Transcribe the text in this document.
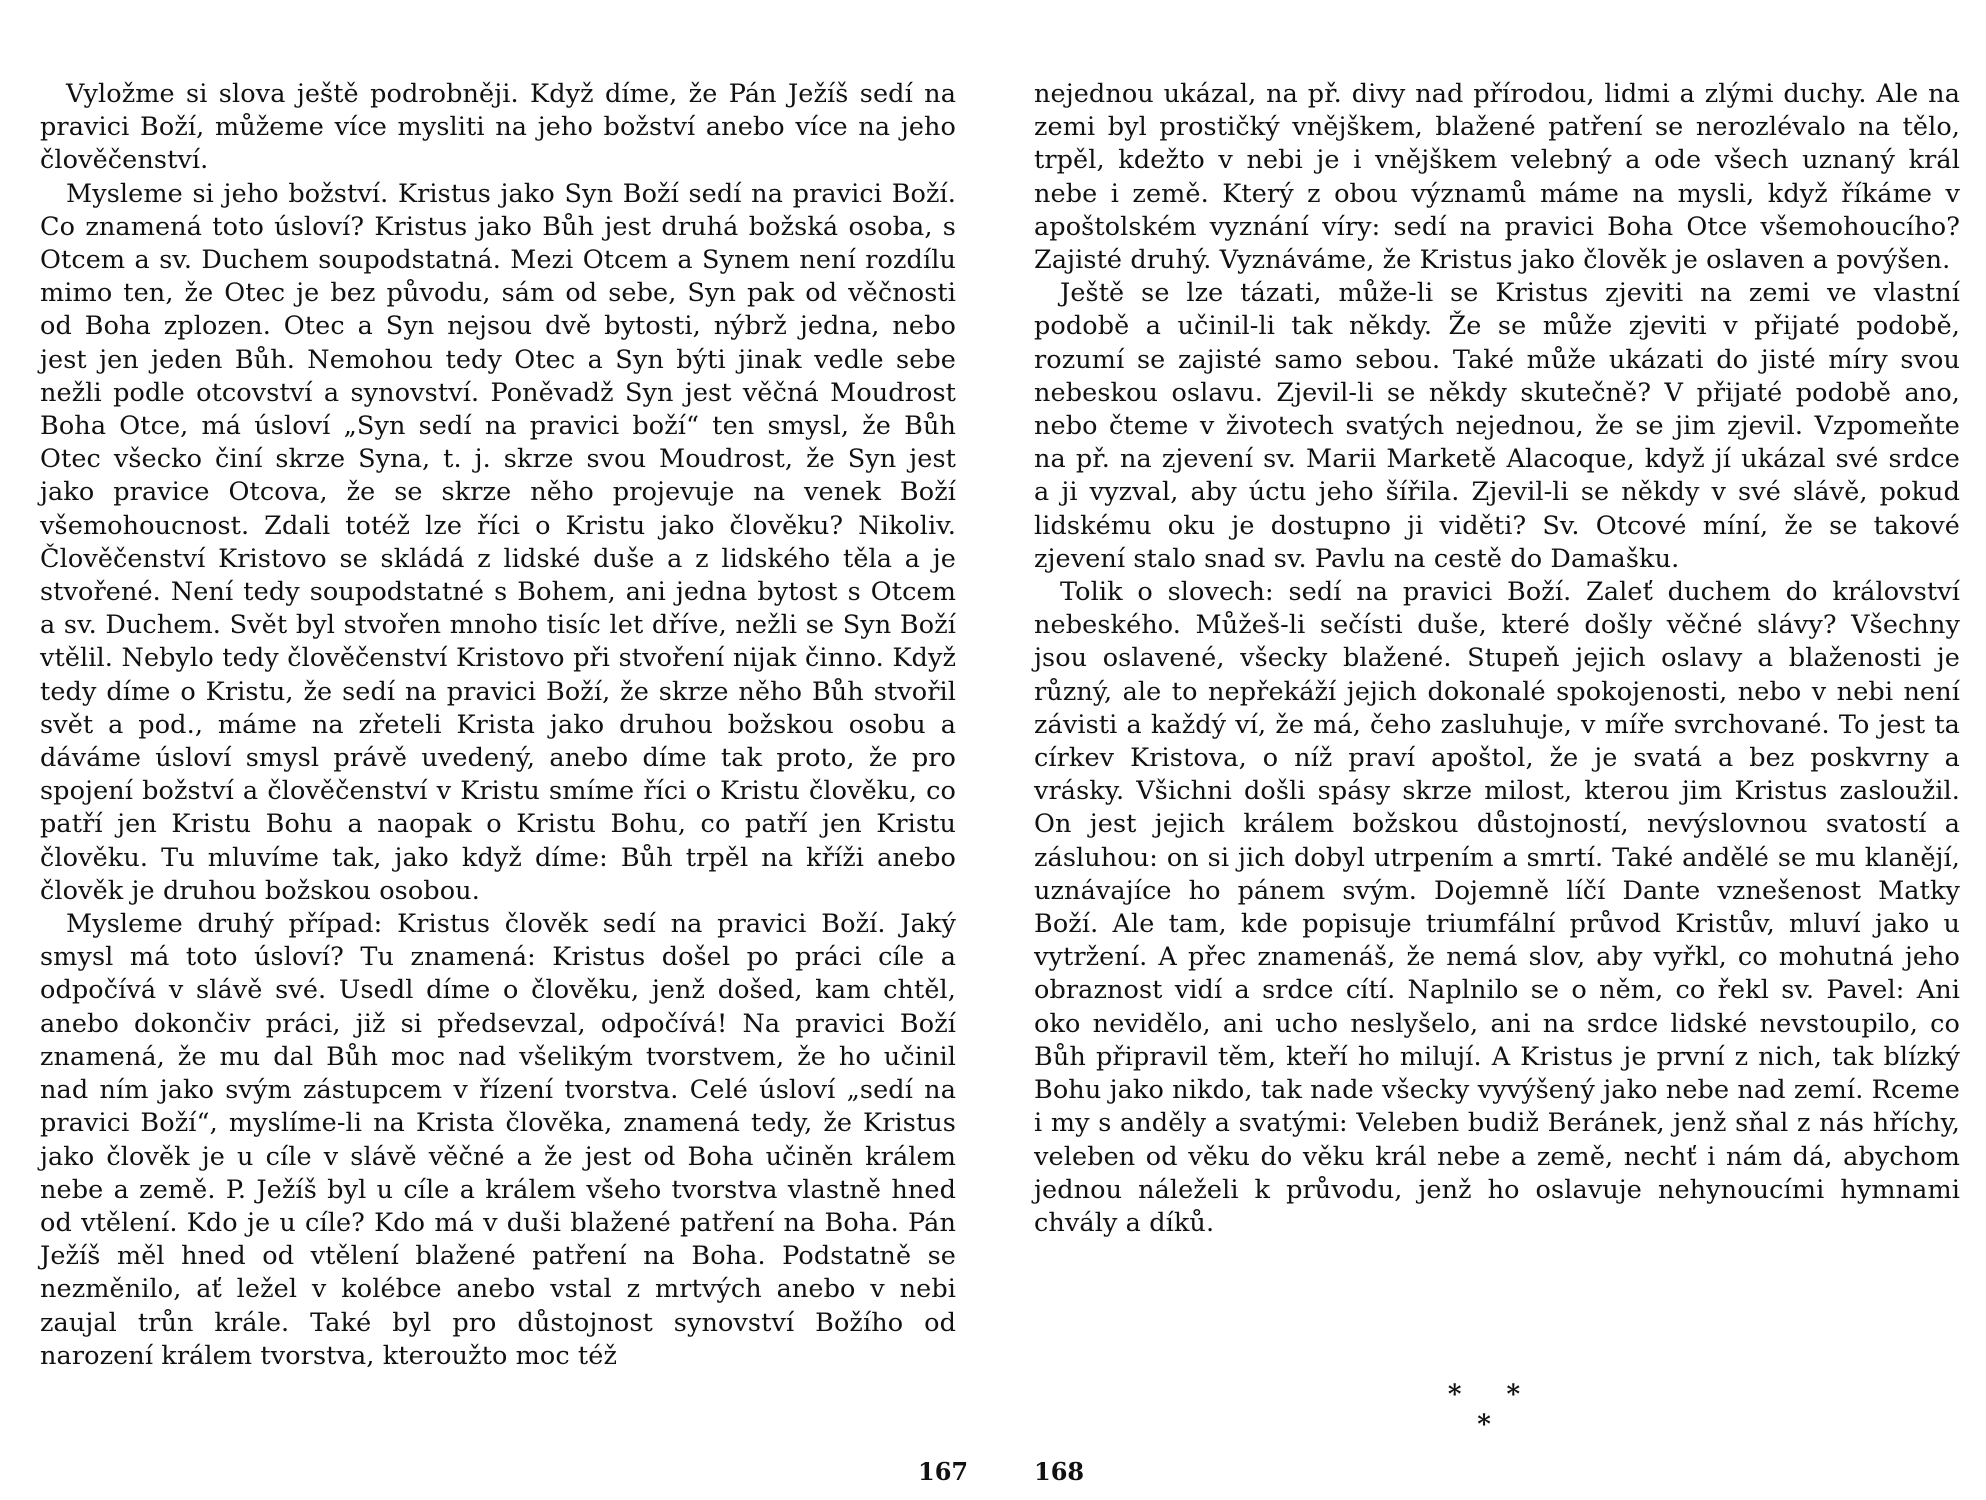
Vyložme si slova ještě podrobněji. Když díme, že Pán Ježíš sedí na pravici Boží, můžeme více mysliti na jeho božství anebo více na jeho člověčenství.

Mysleme si jeho božství. Kristus jako Syn Boží sedí na pravici Boží. Co znamená toto úsloví? Kristus jako Bůh jest druhá božská osoba, s Otcem a sv. Duchem soupodstatná. Mezi Otcem a Synem není rozdílu mimo ten, že Otec je bez původu, sám od sebe, Syn pak od věčnosti od Boha zplozen. Otec a Syn nejsou dvě bytosti, nýbrž jedna, nebo jest jen jeden Bůh. Nemohou tedy Otec a Syn býti jinak vedle sebe nežli podle otcovství a synovství. Poněvadž Syn jest věčná Moudrost Boha Otce, má úsloví „Syn sedí na pravici boží“ ten smysl, že Bůh Otec všecko činí skrze Syna, t. j. skrze svou Moudrost, že Syn jest jako pravice Otcova, že se skrze něho projevuje na venek Boží všemohoucnost. Zdali totéž lze říci o Kristu jako člověku? Nikoliv. Člověčenství Kristovo se skládá z lidské duše a z lidského těla a je stvořené. Není tedy soupodstatné s Bohem, ani jedna bytost s Otcem a sv. Duchem. Svět byl stvořen mnoho tisíc let dříve, nežli se Syn Boží vtělil. Nebylo tedy člověčenství Kristovo při stvoření nijak činno. Když tedy díme o Kristu, že sedí na pravici Boží, že skrze něho Bůh stvořil svět a pod., máme na zřeteli Krista jako druhou božskou osobu a dáváme úsloví smysl právě uvedený, anebo díme tak proto, že pro spojení božství a člověčenství v Kristu smíme říci o Kristu člověku, co patří jen Kristu Bohu a naopak o Kristu Bohu, co patří jen Kristu člověku. Tu mluvíme tak, jako když díme: Bůh trpěl na kříži anebo člověk je druhou božskou osobou.

Mysleme druhý případ: Kristus člověk sedí na pravici Boží. Jaký smysl má toto úsloví? Tu znamená: Kristus došel po práci cíle a odpočívá v slávě své. Usedl díme o člověku, jenž došed, kam chtěl, anebo dokončiv práci, již si předsevzal, odpočívá! Na pravici Boží znamená, že mu dal Bůh moc nad všelikým tvorstvem, že ho učinil nad ním jako svým zástupcem v řízení tvorstva. Celé úsloví „sedí na pravici Boží“, myslíme-li na Krista člověka, znamená tedy, že Kristus jako člověk je u cíle v slávě věčné a že jest od Boha učiněn králem nebe a země. P. Ježíš byl u cíle a králem všeho tvorstva vlastně hned od vtělení. Kdo je u cíle? Kdo má v duši blažené patření na Boha. Pán Ježíš měl hned od vtělení blažené patření na Boha. Podstatně se nezměnilo, ať ležel v kolébce anebo vstal z mrtvých anebo v nebi zaujal trůn krále. Také byl pro důstojnost synovství Božího od narození králem tvorstva, kteroužto moc též

nejednou ukázal, na př. divy nad přírodou, lidmi a zlými duchy. Ale na zemi byl prostičký vnějškem, blažené patření se nerozlévalo na tělo, trpěl, kdežto v nebi je i vnějškem velebný a ode všech uznaný král nebe i země. Který z obou významů máme na mysli, když říkáme v apoštolském vyznání víry: sedí na pravici Boha Otce všemohoucího? Zajisté druhý. Vyznáváme, že Kristus jako člověk je oslaven a povýšen.

Ještě se lze tázati, může-li se Kristus zjeviti na zemi ve vlastní podobě a učinil-li tak někdy. Že se může zjeviti v přijaté podobě, rozumí se zajisté samo sebou. Také může ukázati do jisté míry svou nebeskou oslavu. Zjevil-li se někdy skutečně? V přijaté podobě ano, nebo čteme v životech svatých nejednou, že se jim zjevil. Vzpomeňte na př. na zjevení sv. Marii Marketě Alacoque, když jí ukázal své srdce a ji vyzval, aby úctu jeho šířila. Zjevil-li se někdy v své slávě, pokud lidskému oku je dostupno ji viděti? Sv. Otcové míní, že se takové zjevení stalo snad sv. Pavlu na cestě do Damašku.

Tolik o slovech: sedí na pravici Boží. Zaleť duchem do království nebeského. Můžeš-li sečísti duše, které došly věčné slávy? Všechny jsou oslavené, všecky blažené. Stupeň jejich oslavy a blaženosti je různý, ale to nepřekáží jejich dokonalé spokojenosti, nebo v nebi není závisti a každý ví, že má, čeho zasluhuje, v míře svrchované. To jest ta církev Kristova, o níž praví apoštol, že je svatá a bez poskvrny a vrásky. Všichni došli spásy skrze milost, kterou jim Kristus zasloužil. On jest jejich králem božskou důstojností, nevýslovnou svatostí a zásluhou: on si jich dobyl utrpením a smrtí. Také andělé se mu klanějí, uznávajíce ho pánem svým. Dojemně líčí Dante vznešenost Matky Boží. Ale tam, kde popisuje triumfální průvod Kristův, mluví jako u vytržení. A přec znamenáš, že nemá slov, aby vyřkl, co mohutná jeho obraznost vidí a srdce cítí. Naplnilo se o něm, co řekl sv. Pavel: Ani oko nevidělo, ani ucho neslyšelo, ani na srdce lidské nevstoupilo, co Bůh připravil těm, kteří ho milují. A Kristus je první z nich, tak blízký Bohu jako nikdo, tak nade všecky vyvýšený jako nebe nad zemí. Rceme i my s anděly a svatými: Veleben budiž Beránek, jenž sňal z nás hříchy, veleben od věku do věku král nebe a země, nechť i nám dá, abychom jednou náleželi k průvodu, jenž ho oslavuje nehynoucími hymnami chvály a díků.

* * *
167	168
